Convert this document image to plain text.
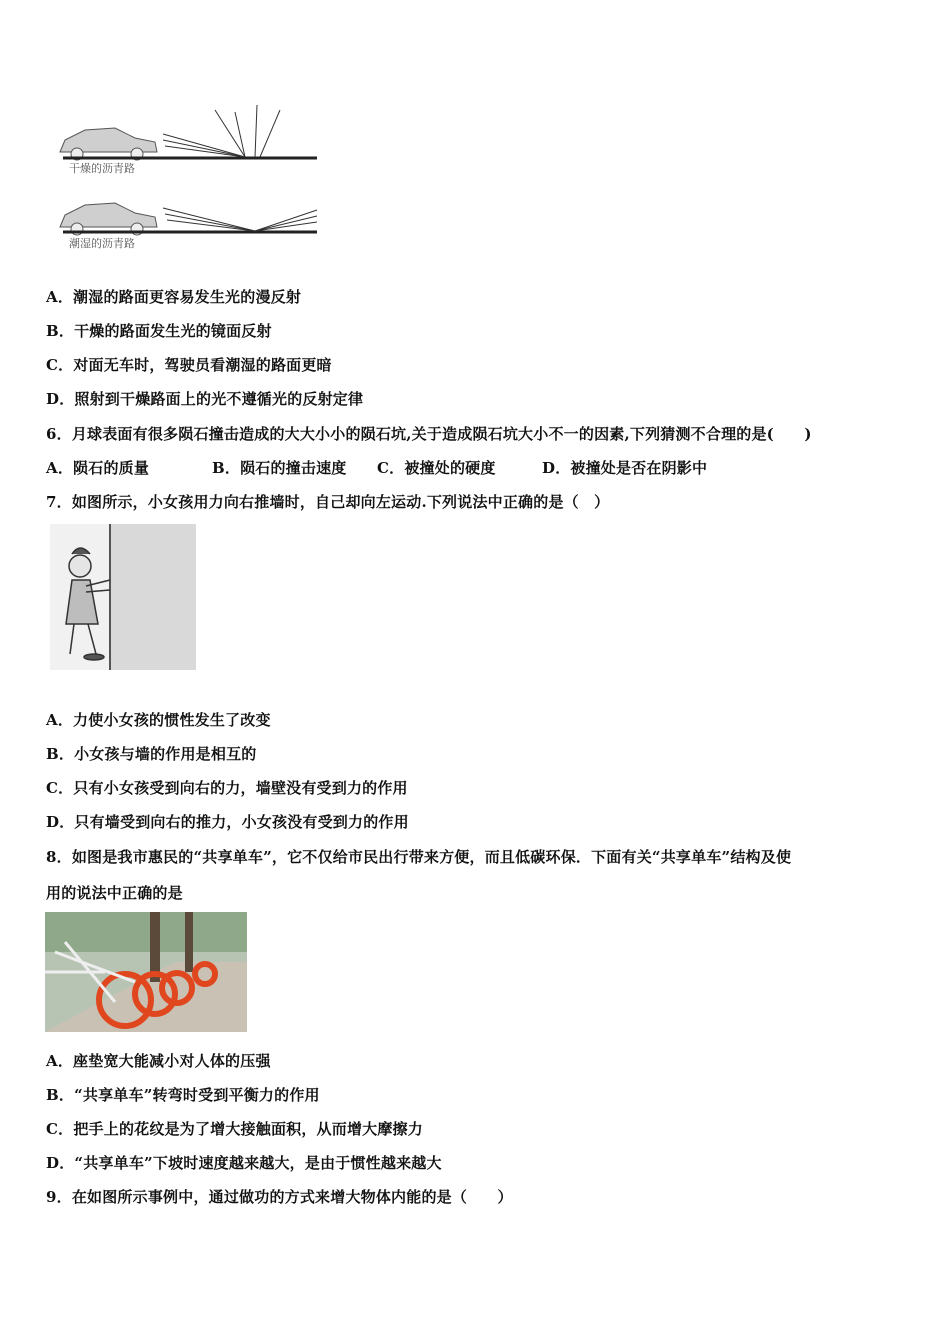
干燥的沥青路
潮湿的沥青路
A．潮湿的路面更容易发生光的漫反射
B．干燥的路面发生光的镜面反射
C．对面无车时，驾驶员看潮湿的路面更暗
D．照射到干燥路面上的光不遵循光的反射定律
6．月球表面有很多陨石撞击造成的大大小小的陨石坑,关于造成陨石坑大小不一的因素,下列猜测不合理的是(　　)
A．陨石的质量	B．陨石的撞击速度 C．被撞处的硬度	D．被撞处是否在阴影中
7．如图所示，小女孩用力向右推墙时，自己却向左运动.下列说法中正确的是（　）
A．力使小女孩的惯性发生了改变
B．小女孩与墙的作用是相互的
C．只有小女孩受到向右的力，墙壁没有受到力的作用
D．只有墙受到向右的推力，小女孩没有受到力的作用
8．如图是我市惠民的“共享单车”，它不仅给市民出行带来方便，而且低碳环保．下面有关“共享单车”结构及使
用的说法中正确的是
A．座垫宽大能减小对人体的压强
B．“共享单车”转弯时受到平衡力的作用
C．把手上的花纹是为了增大接触面积，从而增大摩擦力
D．“共享单车”下坡时速度越来越大，是由于惯性越来越大
9．在如图所示事例中，通过做功的方式来增大物体内能的是（　　）
